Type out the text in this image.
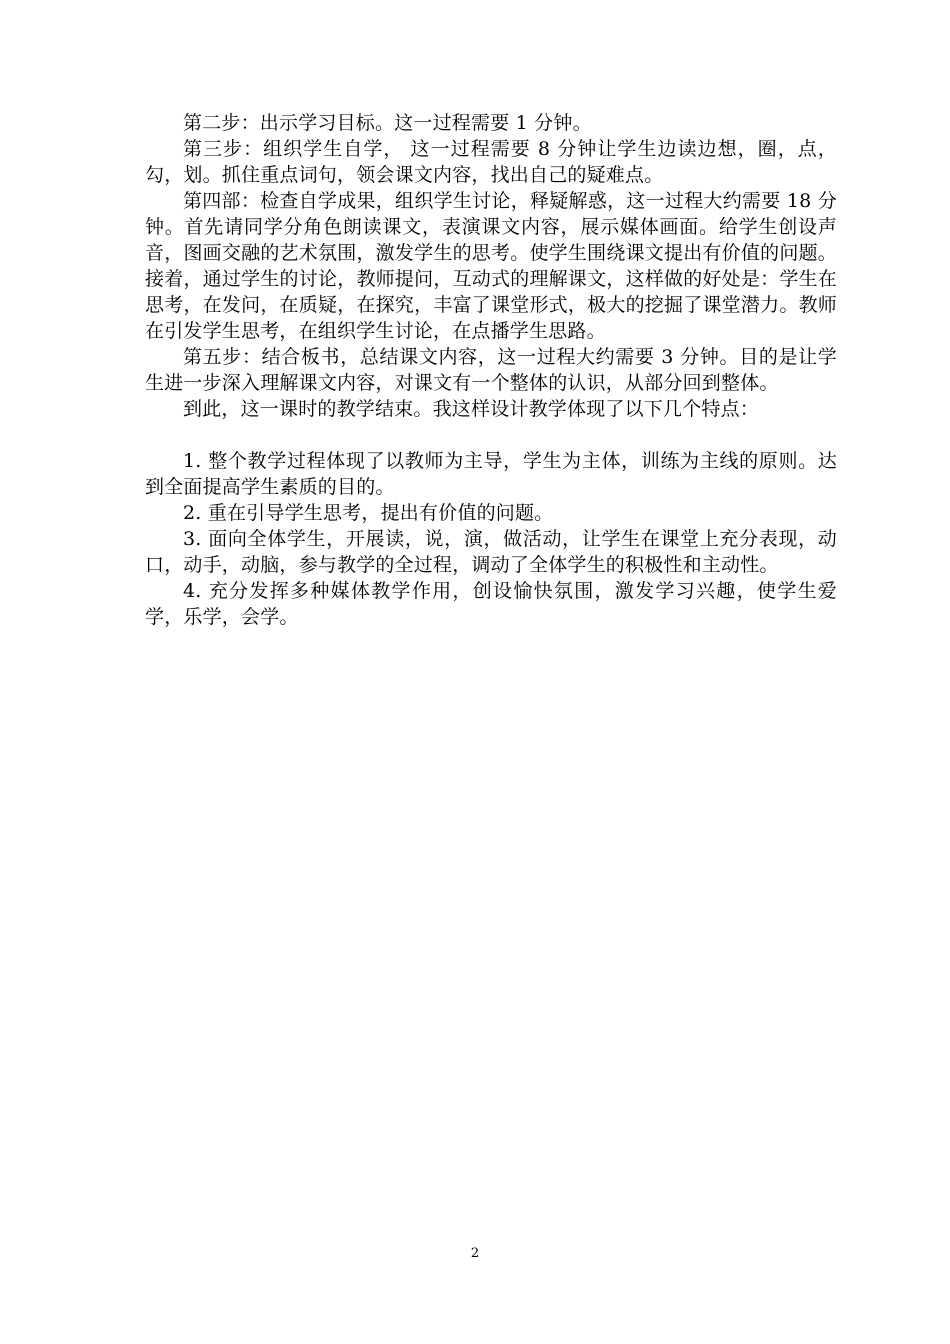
第二步：出示学习目标。这一过程需要 1 分钟。

第三步：组织学生自学， 这一过程需要 8 分钟让学生边读边想，圈，点，勾，划。抓住重点词句，领会课文内容，找出自己的疑难点。

第四部：检查自学成果，组织学生讨论，释疑解惑，这一过程大约需要 18 分钟。首先请同学分角色朗读课文，表演课文内容，展示媒体画面。给学生创设声音，图画交融的艺术氛围，激发学生的思考。使学生围绕课文提出有价值的问题。接着，通过学生的讨论，教师提问，互动式的理解课文，这样做的好处是：学生在思考，在发问，在质疑，在探究，丰富了课堂形式，极大的挖掘了课堂潜力。教师在引发学生思考，在组织学生讨论，在点播学生思路。

第五步：结合板书，总结课文内容，这一过程大约需要 3 分钟。目的是让学生进一步深入理解课文内容，对课文有一个整体的认识，从部分回到整体。

到此，这一课时的教学结束。我这样设计教学体现了以下几个特点：

1. 整个教学过程体现了以教师为主导，学生为主体，训练为主线的原则。达到全面提高学生素质的目的。

2. 重在引导学生思考，提出有价值的问题。

3. 面向全体学生，开展读，说，演，做活动，让学生在课堂上充分表现，动口，动手，动脑，参与教学的全过程，调动了全体学生的积极性和主动性。

4. 充分发挥多种媒体教学作用，创设愉快氛围，激发学习兴趣，使学生爱学，乐学，会学。

2
